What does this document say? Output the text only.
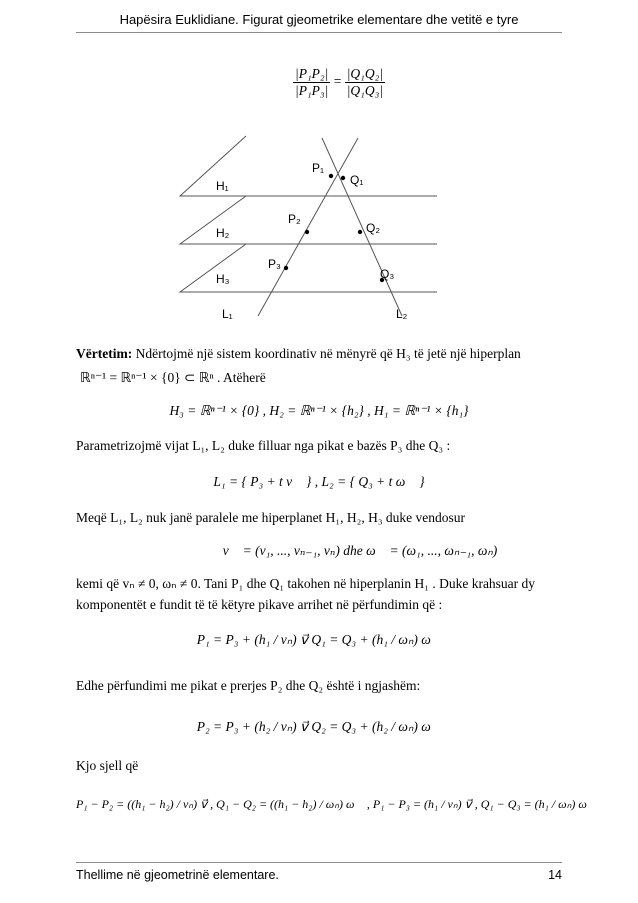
Hapësira Euklidiane. Figurat gjeometrike elementare dhe vetitë e tyre
$\frac{\text{|P₁P₂|}}{\text{|P₁P₃|}} = \frac{\text{|Q₁Q₂|}}{\text{|Q₁Q₃|}}$
H₁
H₂
H₃
P₁
Q₁
P₂
Q₂
P₃
Q₃
L₁	L₂
Vërtetim: Ndërtojmë një sistem koordinativ në mënyrë që H₃ të jetë një hiperplan
ℝⁿ⁻¹ = ℝⁿ⁻¹ × {0} ⊂ ℝⁿ . Atëherë
H₃ = ℝⁿ⁻¹ × {0} , H₂ = ℝⁿ⁻¹ × {h₂} , H₁ = ℝⁿ⁻¹ × {h₁}
Parametrizojmë vijat L₁, L₂ duke filluar nga pikat e bazës P₃ dhe Q₃ :
L₁ = { P₃ + t v⃗ } , L₂ = { Q₃ + t ω⃗ }
Meqë L₁, L₂ nuk janë paralele me hiperplanet H₁, H₂, H₃ duke vendosur
v⃗ = (v₁, ..., vₙ₋₁, vₙ) dhe ω⃗ = (ω₁, ..., ωₙ₋₁, ωₙ)
kemi që vₙ ≠ 0, ωₙ ≠ 0. Tani P₁ dhe Q₁ takohen në hiperplanin H₁ . Duke krahsuar dy
komponentët e fundit të të këtyre pikave arrihet në përfundimin që :
P₁ = P₃ + (h₁ / vₙ) v⃗ Q₁ = Q₃ + (h₁ / ωₙ) ω⃗
Edhe përfundimi me pikat e prerjes P₂ dhe Q₂ është i ngjashëm:
P₂ = P₃ + (h₂ / vₙ) v⃗ Q₂ = Q₃ + (h₂ / ωₙ) ω⃗
Kjo sjell që
P₁ − P₂ = ((h₁ − h₂) / vₙ) v⃗ , Q₁ − Q₂ = ((h₁ − h₂) / ωₙ) ω⃗ , P₁ − P₃ = (h₁ / vₙ) v⃗ , Q₁ − Q₃ = (h₁ / ωₙ) ω⃗
Thellime në gjeometrinë elementare.	14
